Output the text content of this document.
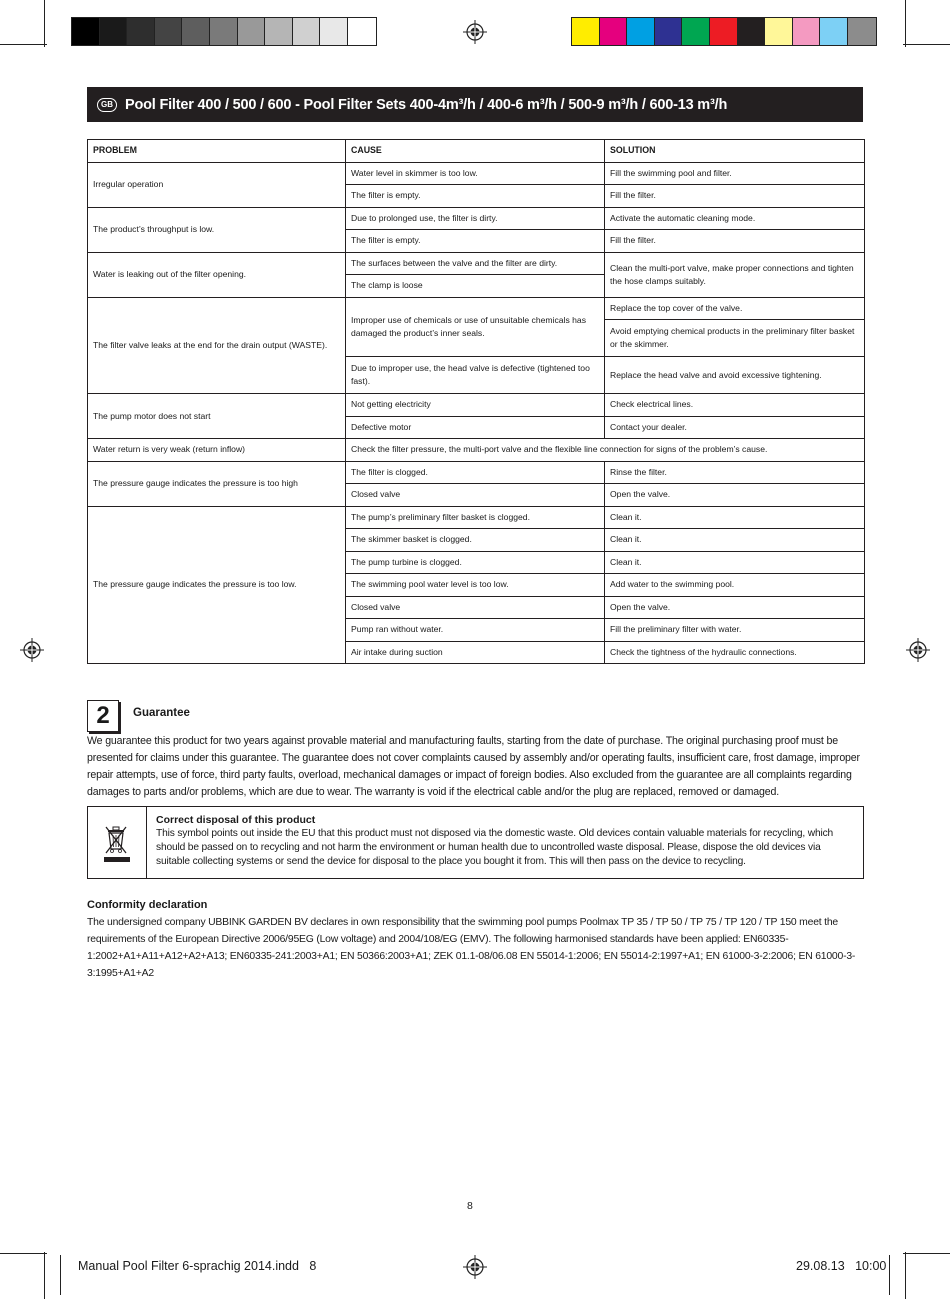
GB Pool Filter 400 / 500 / 600 - Pool Filter Sets 400-4m³/h / 400-6 m³/h / 500-9 m³/h / 600-13 m³/h
PROBLEM	CAUSE	SOLUTION
Irregular operation	Water level in skimmer is too low.	Fill the swimming pool and filter.
	The filter is empty.	Fill the filter.
The product’s throughput is low.	Due to prolonged use, the filter is dirty.	Activate the automatic cleaning mode.
	The filter is empty.	Fill the filter.
Water is leaking out of the filter opening.	The surfaces between the valve and the filter are dirty.	Clean the multi-port valve, make proper connections and tighten the hose clamps suitably.
	The clamp is loose	
The filter valve leaks at the end for the drain output (WASTE).	Improper use of chemicals or use of unsuitable chemicals has damaged the product’s inner seals.	Replace the top cover of the valve.
		Avoid emptying chemical products in the preliminary filter basket or the skimmer.
	Due to improper use, the head valve is defective (tightened too fast).	Replace the head valve and avoid excessive tightening.
The pump motor does not start	Not getting electricity	Check electrical lines.
	Defective motor	Contact your dealer.
Water return is very weak (return inflow)	Check the filter pressure, the multi-port valve and the flexible line connection for signs of the problem’s cause.	
The pressure gauge indicates the pressure is too high	The filter is clogged.	Rinse the filter.
	Closed valve	Open the valve.
The pressure gauge indicates the pressure is too low.	The pump’s preliminary filter basket is clogged.	Clean it.
	The skimmer basket is clogged.	Clean it.
	The pump turbine is clogged.	Clean it.
	The swimming pool water level is too low.	Add water to the swimming pool.
	Closed valve	Open the valve.
	Pump ran without water.	Fill the preliminary filter with water.
	Air intake during suction	Check the tightness of the hydraulic connections.
2	Guarantee
We guarantee this product for two years against provable material and manufacturing faults, starting from the date of purchase. The original purchasing proof must be presented for claims under this guarantee. The guarantee does not cover complaints caused by assembly and/or operating faults, insufficient care, frost damage, improper repair attempts, use of force, third party faults, overload, mechanical damages or impact of foreign bodies. Also excluded from the guarantee are all complaints regarding damages to parts and/or problems, which are due to wear. The warranty is void if the electrical cable and/or the plug are replaced, removed or damaged.
Correct disposal of this product
This symbol points out inside the EU that this product must not disposed via the domestic waste. Old devices contain valuable materials for recycling, which should be passed on to recycling and not harm the environment or human health due to uncontrolled waste disposal. Please, dispose the old devices via suitable collecting systems or send the device for disposal to the place you bought it from. This will then pass on the device to recycling.
Conformity declaration
The undersigned company UBBINK GARDEN BV declares in own responsibility that the swimming pool pumps Poolmax TP 35 / TP 50 / TP 75 / TP 120 / TP 150 meet the requirements of the European Directive 2006/95EG (Low voltage) and 2004/108/EG (EMV). The following harmonised standards have been applied: EN60335-1:2002+A1+A11+A12+A2+A13; EN60335-241:2003+A1; EN 50366:2003+A1; ZEK 01.1-08/06.08 EN 55014-1:2006; EN 55014-2:1997+A1; EN 61000-3-2:2006; EN 61000-3-3:1995+A1+A2
8
Manual Pool Filter 6-sprachig 2014.indd   8	29.08.13   10:00
